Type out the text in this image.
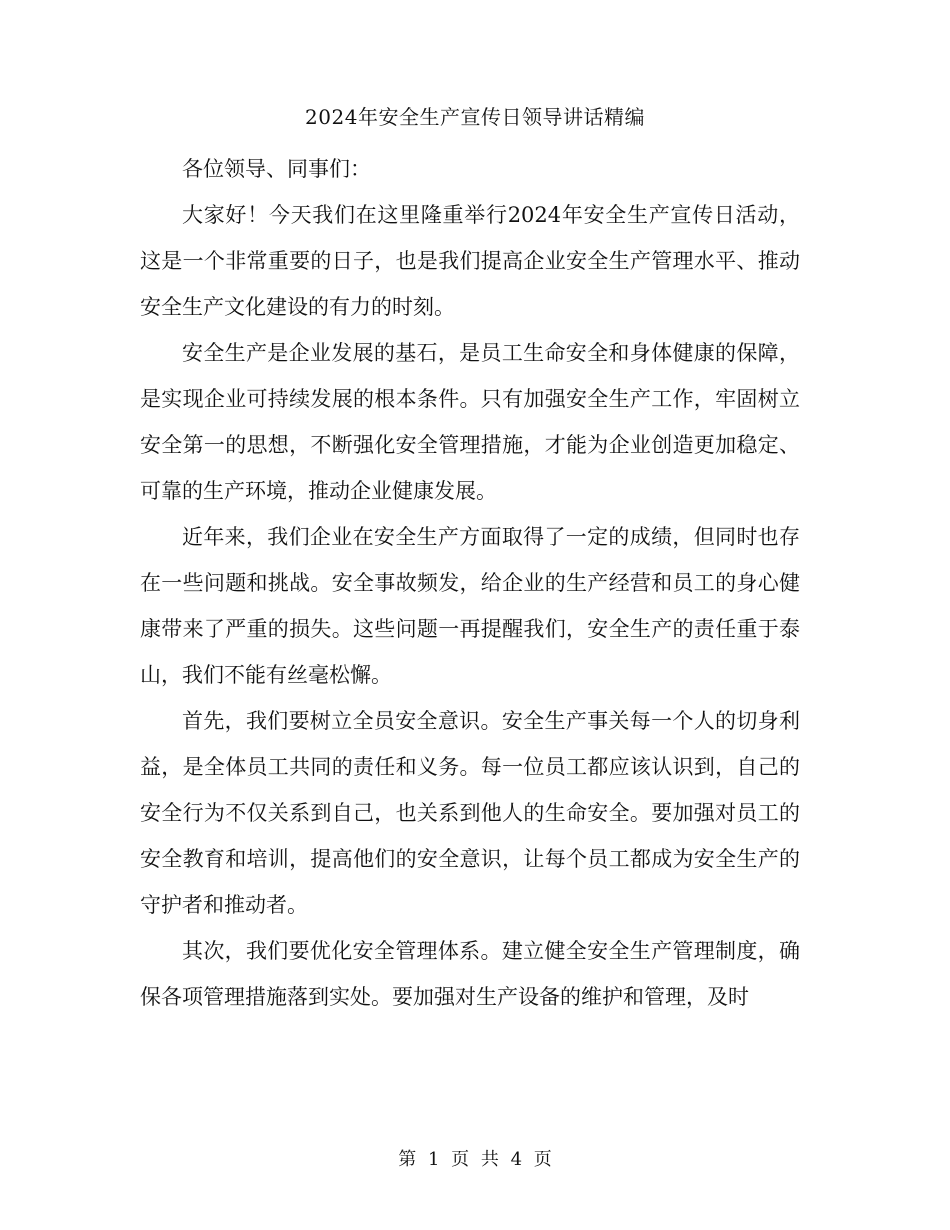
2024年安全生产宣传日领导讲话精编

各位领导、同事们：

大家好！今天我们在这里隆重举行2024年安全生产宣传日活动，这是一个非常重要的日子，也是我们提高企业安全生产管理水平、推动安全生产文化建设的有力的时刻。

安全生产是企业发展的基石，是员工生命安全和身体健康的保障，是实现企业可持续发展的根本条件。只有加强安全生产工作，牢固树立安全第一的思想，不断强化安全管理措施，才能为企业创造更加稳定、可靠的生产环境，推动企业健康发展。

近年来，我们企业在安全生产方面取得了一定的成绩，但同时也存在一些问题和挑战。安全事故频发，给企业的生产经营和员工的身心健康带来了严重的损失。这些问题一再提醒我们，安全生产的责任重于泰山，我们不能有丝毫松懈。

首先，我们要树立全员安全意识。安全生产事关每一个人的切身利益，是全体员工共同的责任和义务。每一位员工都应该认识到，自己的安全行为不仅关系到自己，也关系到他人的生命安全。要加强对员工的安全教育和培训，提高他们的安全意识，让每个员工都成为安全生产的守护者和推动者。

其次，我们要优化安全管理体系。建立健全安全生产管理制度，确保各项管理措施落到实处。要加强对生产设备的维护和管理，及时

第 1 页 共 4 页
